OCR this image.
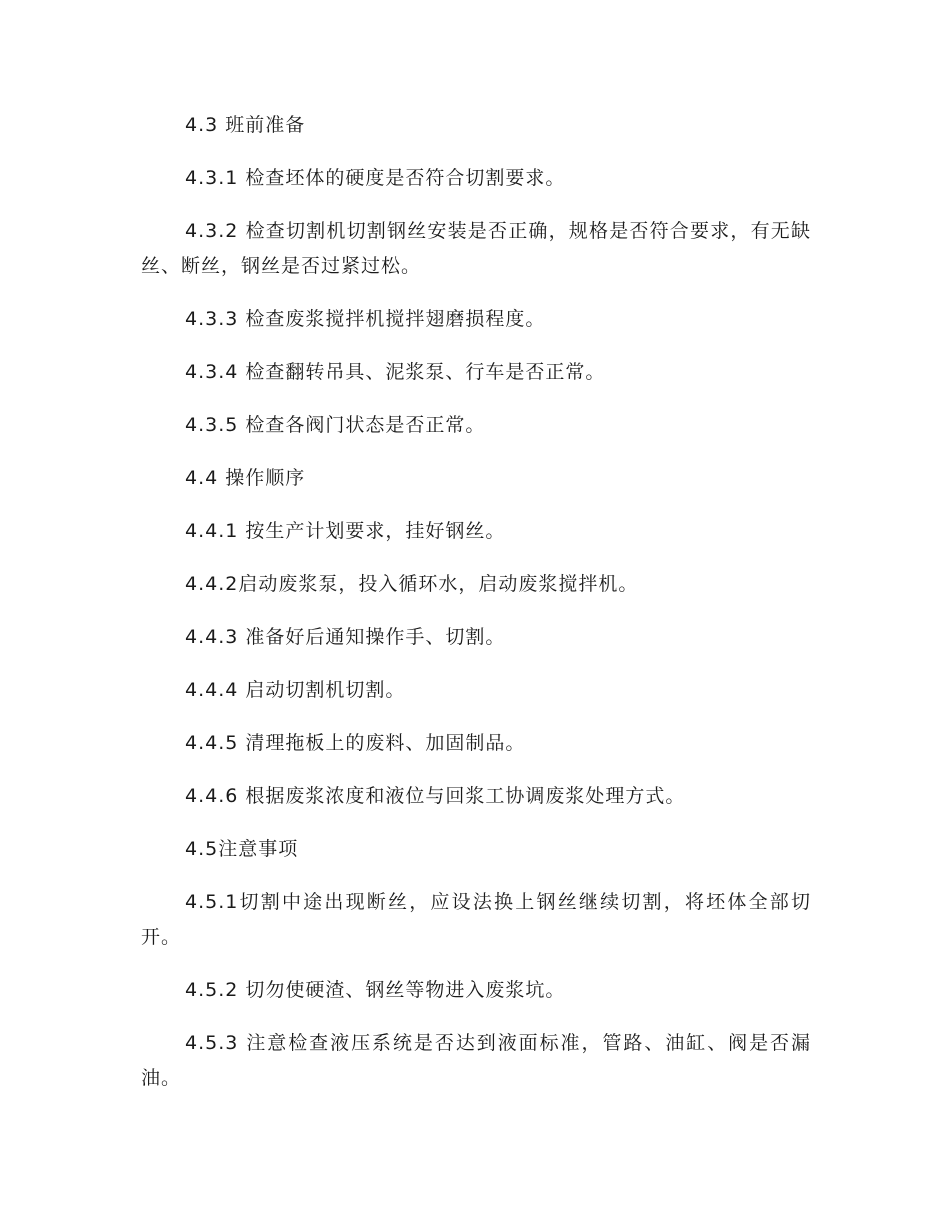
4.3 班前准备

4.3.1 检查坯体的硬度是否符合切割要求。

4.3.2 检查切割机切割钢丝安装是否正确，规格是否符合要求，有无缺丝、断丝，钢丝是否过紧过松。

4.3.3 检查废浆搅拌机搅拌翅磨损程度。

4.3.4 检查翻转吊具、泥浆泵、行车是否正常。

4.3.5 检查各阀门状态是否正常。

4.4 操作顺序

4.4.1 按生产计划要求，挂好钢丝。

4.4.2启动废浆泵，投入循环水，启动废浆搅拌机。

4.4.3 准备好后通知操作手、切割。

4.4.4 启动切割机切割。

4.4.5 清理拖板上的废料、加固制品。

4.4.6 根据废浆浓度和液位与回浆工协调废浆处理方式。

4.5注意事项

4.5.1切割中途出现断丝，应设法换上钢丝继续切割，将坯体全部切开。

4.5.2 切勿使硬渣、钢丝等物进入废浆坑。

4.5.3 注意检查液压系统是否达到液面标准，管路、油缸、阀是否漏油。
